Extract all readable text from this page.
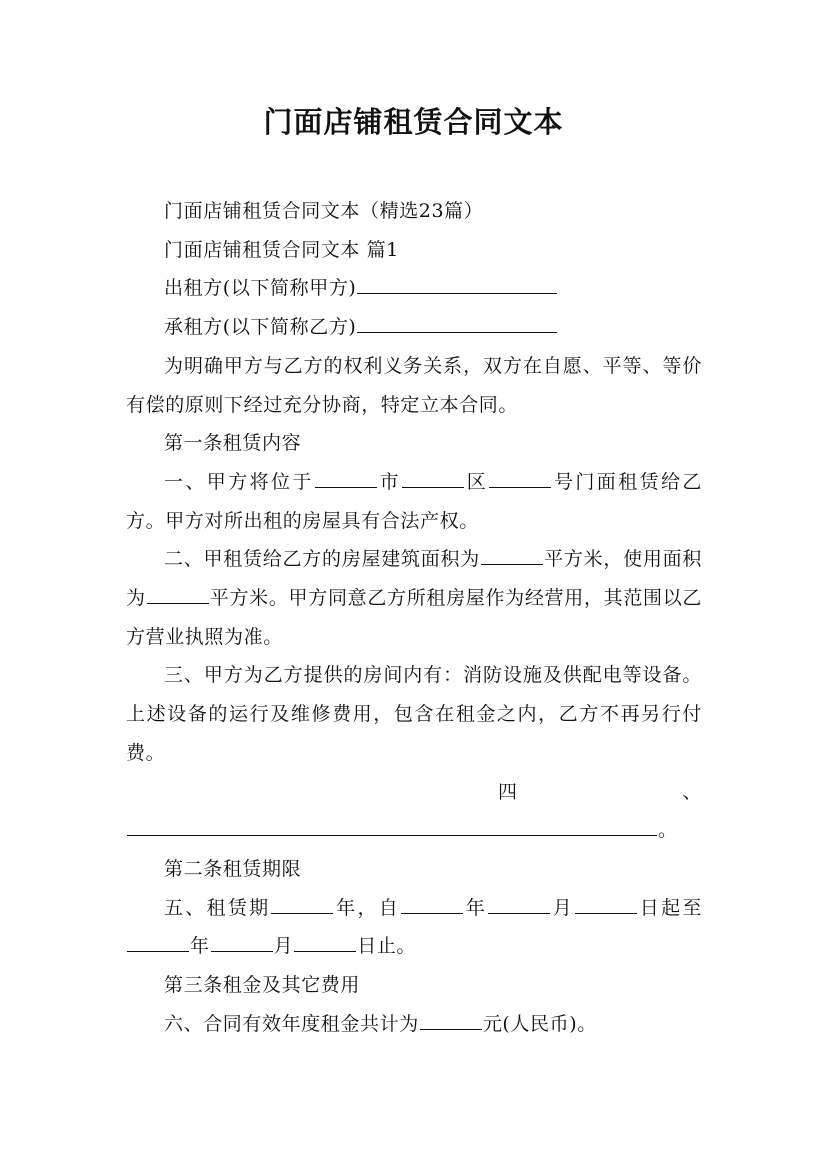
门面店铺租赁合同文本

门面店铺租赁合同文本（精选23篇）

门面店铺租赁合同文本 篇1

出租方(以下简称甲方)

承租方(以下简称乙方)

为明确甲方与乙方的权利义务关系，双方在自愿、平等、等价有偿的原则下经过充分协商，特定立本合同。

第一条租赁内容

一、甲方将位于	市	区	号门面租赁给乙方。甲方对所出租的房屋具有合法产权。

二、甲租赁给乙方的房屋建筑面积为	平方米，使用面积为	平方米。甲方同意乙方所租房屋作为经营用，其范围以乙方营业执照为准。

三、甲方为乙方提供的房间内有：消防设施及供配电等设备。上述设备的运行及维修费用，包含在租金之内，乙方不再另行付费。

四	、

。

第二条租赁期限

五、租赁期	年，自	年	月	日起至年	月	日止。

第三条租金及其它费用

六、合同有效年度租金共计为	元(人民币)。
